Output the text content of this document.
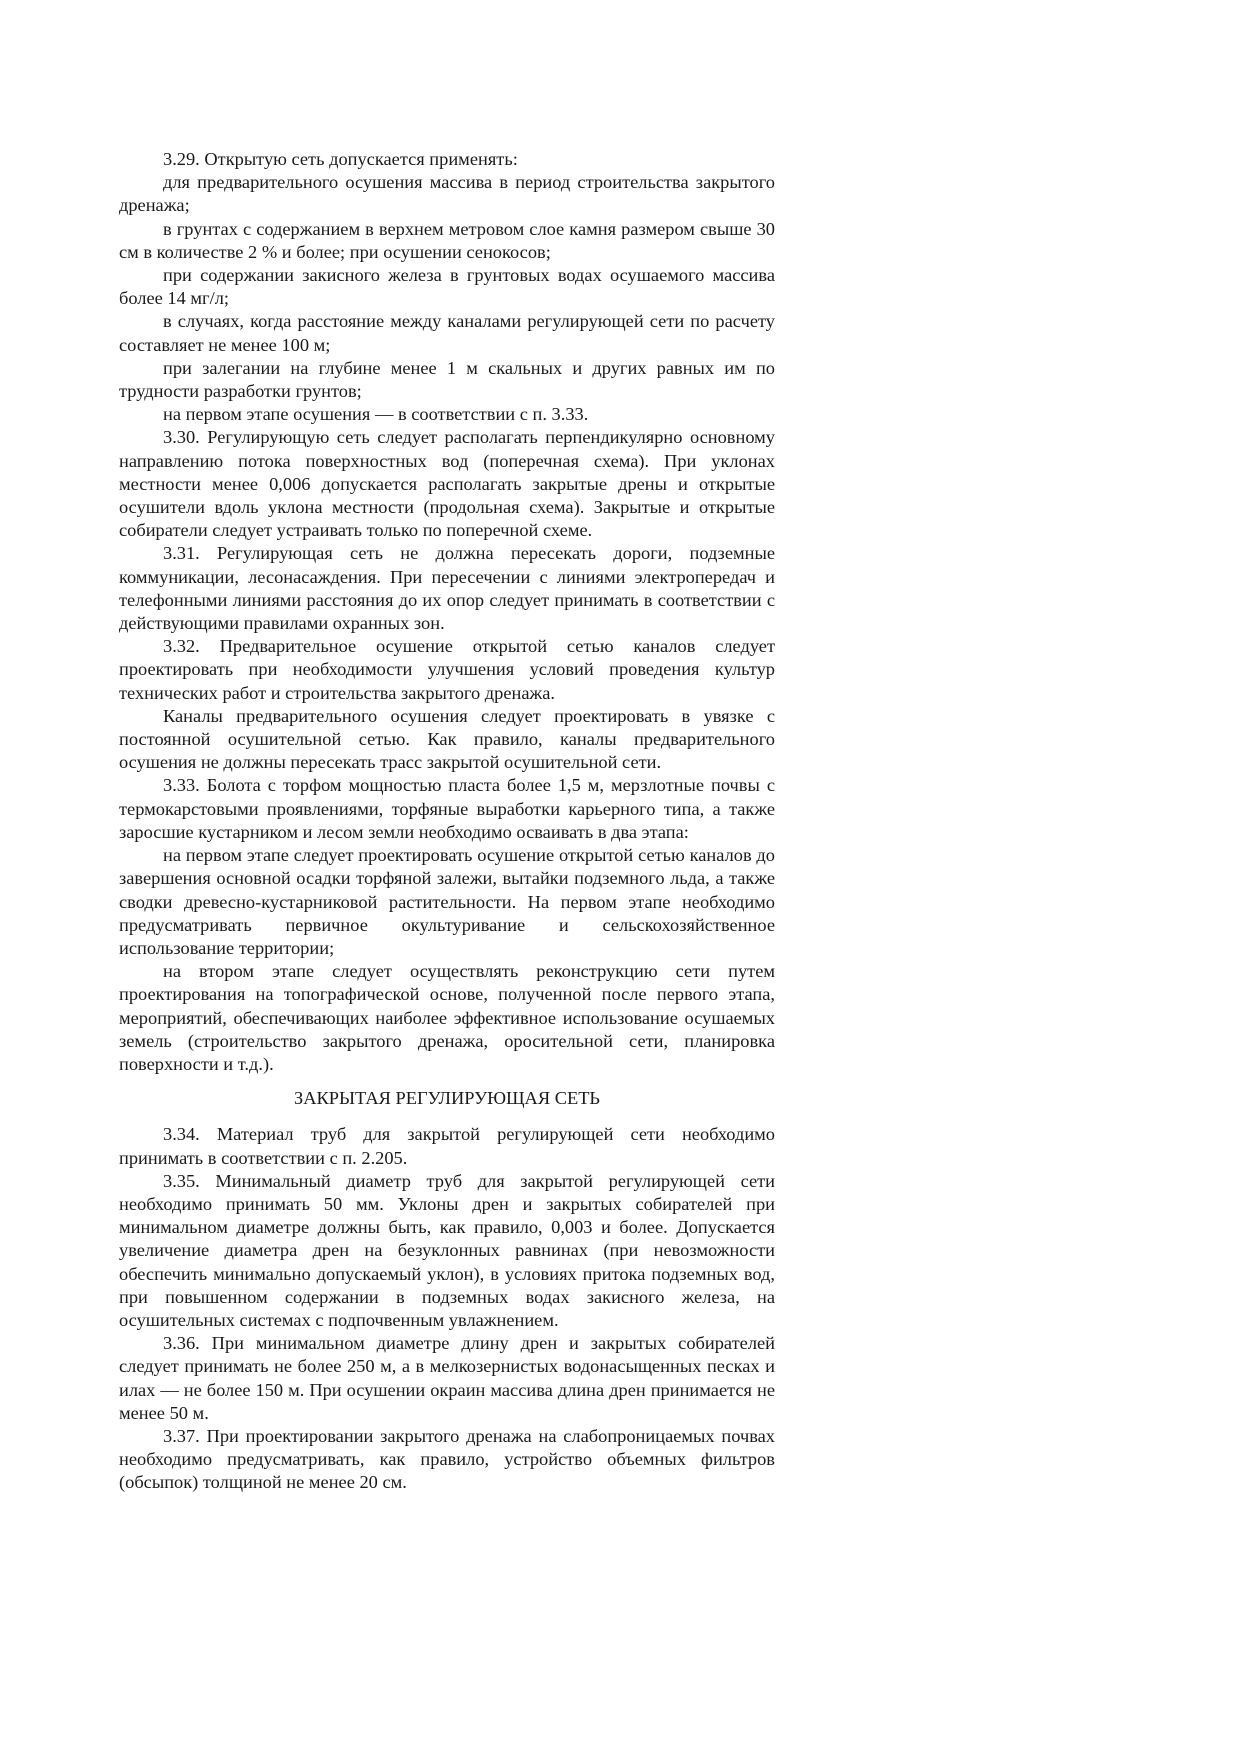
3.29. Открытую сеть допускается применять:

для предварительного осушения массива в период строительства закрытого дренажа;

в грунтах с содержанием в верхнем метровом слое камня размером свыше 30 см в количестве 2 % и более; при осушении сенокосов;

при содержании закисного железа в грунтовых водах осушаемого массива более 14 мг/л;

в случаях, когда расстояние между каналами регулирующей сети по расчету составляет не менее 100 м;

при залегании на глубине менее 1 м скальных и других равных им по трудности разработки грунтов;

на первом этапе осушения — в соответствии с п. 3.33.

3.30. Регулирующую сеть следует располагать перпендикулярно основному направлению потока поверхностных вод (поперечная схема). При уклонах местности менее 0,006 допускается располагать закрытые дрены и открытые осушители вдоль уклона местности (продольная схема). Закрытые и открытые собиратели следует устраивать только по поперечной схеме.

3.31. Регулирующая сеть не должна пересекать дороги, подземные коммуникации, лесонасаждения. При пересечении с линиями электропередач и телефонными линиями расстояния до их опор следует принимать в соответствии с действующими правилами охранных зон.

3.32. Предварительное осушение открытой сетью каналов следует проектировать при необходимости улучшения условий проведения культур технических работ и строительства закрытого дренажа.

Каналы предварительного осушения следует проектировать в увязке с постоянной осушительной сетью. Как правило, каналы предварительного осушения не должны пересекать трасс закрытой осушительной сети.

3.33. Болота с торфом мощностью пласта более 1,5 м, мерзлотные почвы с термокарстовыми проявлениями, торфяные выработки карьерного типа, а также заросшие кустарником и лесом земли необходимо осваивать в два этапа:

на первом этапе следует проектировать осушение открытой сетью каналов до завершения основной осадки торфяной залежи, вытайки подземного льда, а также сводки древесно-кустарниковой растительности. На первом этапе необходимо предусматривать первичное окультуривание и сельскохозяйственное использование территории;

на втором этапе следует осуществлять реконструкцию сети путем проектирования на топографической основе, полученной после первого этапа, мероприятий, обеспечивающих наиболее эффективное использование осушаемых земель (строительство закрытого дренажа, оросительной сети, планировка поверхности и т.д.).

ЗАКРЫТАЯ РЕГУЛИРУЮЩАЯ СЕТЬ

3.34. Материал труб для закрытой регулирующей сети необходимо принимать в соответствии с п. 2.205.

3.35. Минимальный диаметр труб для закрытой регулирующей сети необходимо принимать 50 мм. Уклоны дрен и закрытых собирателей при минимальном диаметре должны быть, как правило, 0,003 и более. Допускается увеличение диаметра дрен на безуклонных равнинах (при невозможности обеспечить минимально допускаемый уклон), в условиях притока подземных вод, при повышенном содержании в подземных водах закисного железа, на осушительных системах с подпочвенным увлажнением.

3.36. При минимальном диаметре длину дрен и закрытых собирателей следует принимать не более 250 м, а в мелкозернистых водонасыщенных песках и илах — не более 150 м. При осушении окраин массива длина дрен принимается не менее 50 м.

3.37. При проектировании закрытого дренажа на слабопроницаемых почвах необходимо предусматривать, как правило, устройство объемных фильтров (обсыпок) толщиной не менее 20 см.
